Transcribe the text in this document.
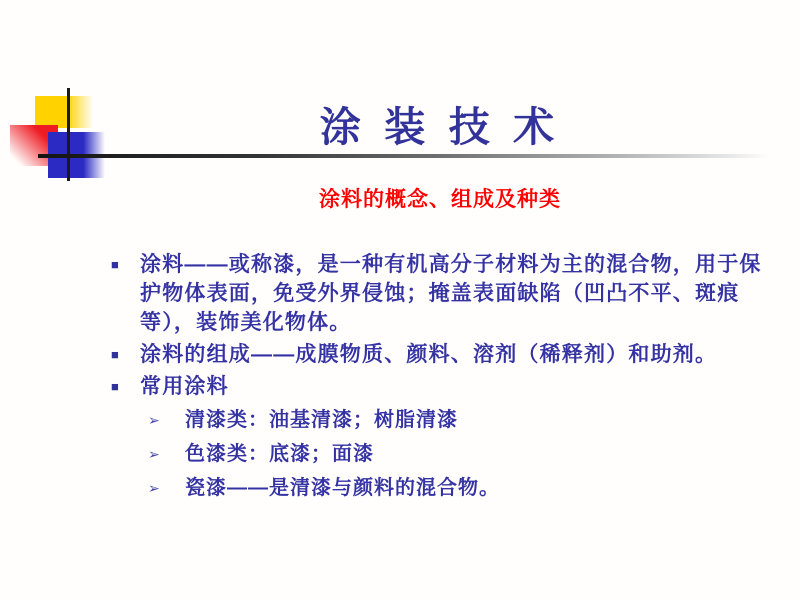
涂 装 技 术
涂料的概念、组成及种类
■	涂料——或称漆，是一种有机高分子材料为主的混合物，用于保护物体表面，免受外界侵蚀；掩盖表面缺陷（凹凸不平、斑痕等），装饰美化物体。
■	涂料的组成——成膜物质、颜料、溶剂（稀释剂）和助剂。
■	常用涂料
➢	清漆类：油基清漆；树脂清漆
➢	色漆类：底漆；面漆
➢	瓷漆——是清漆与颜料的混合物。
